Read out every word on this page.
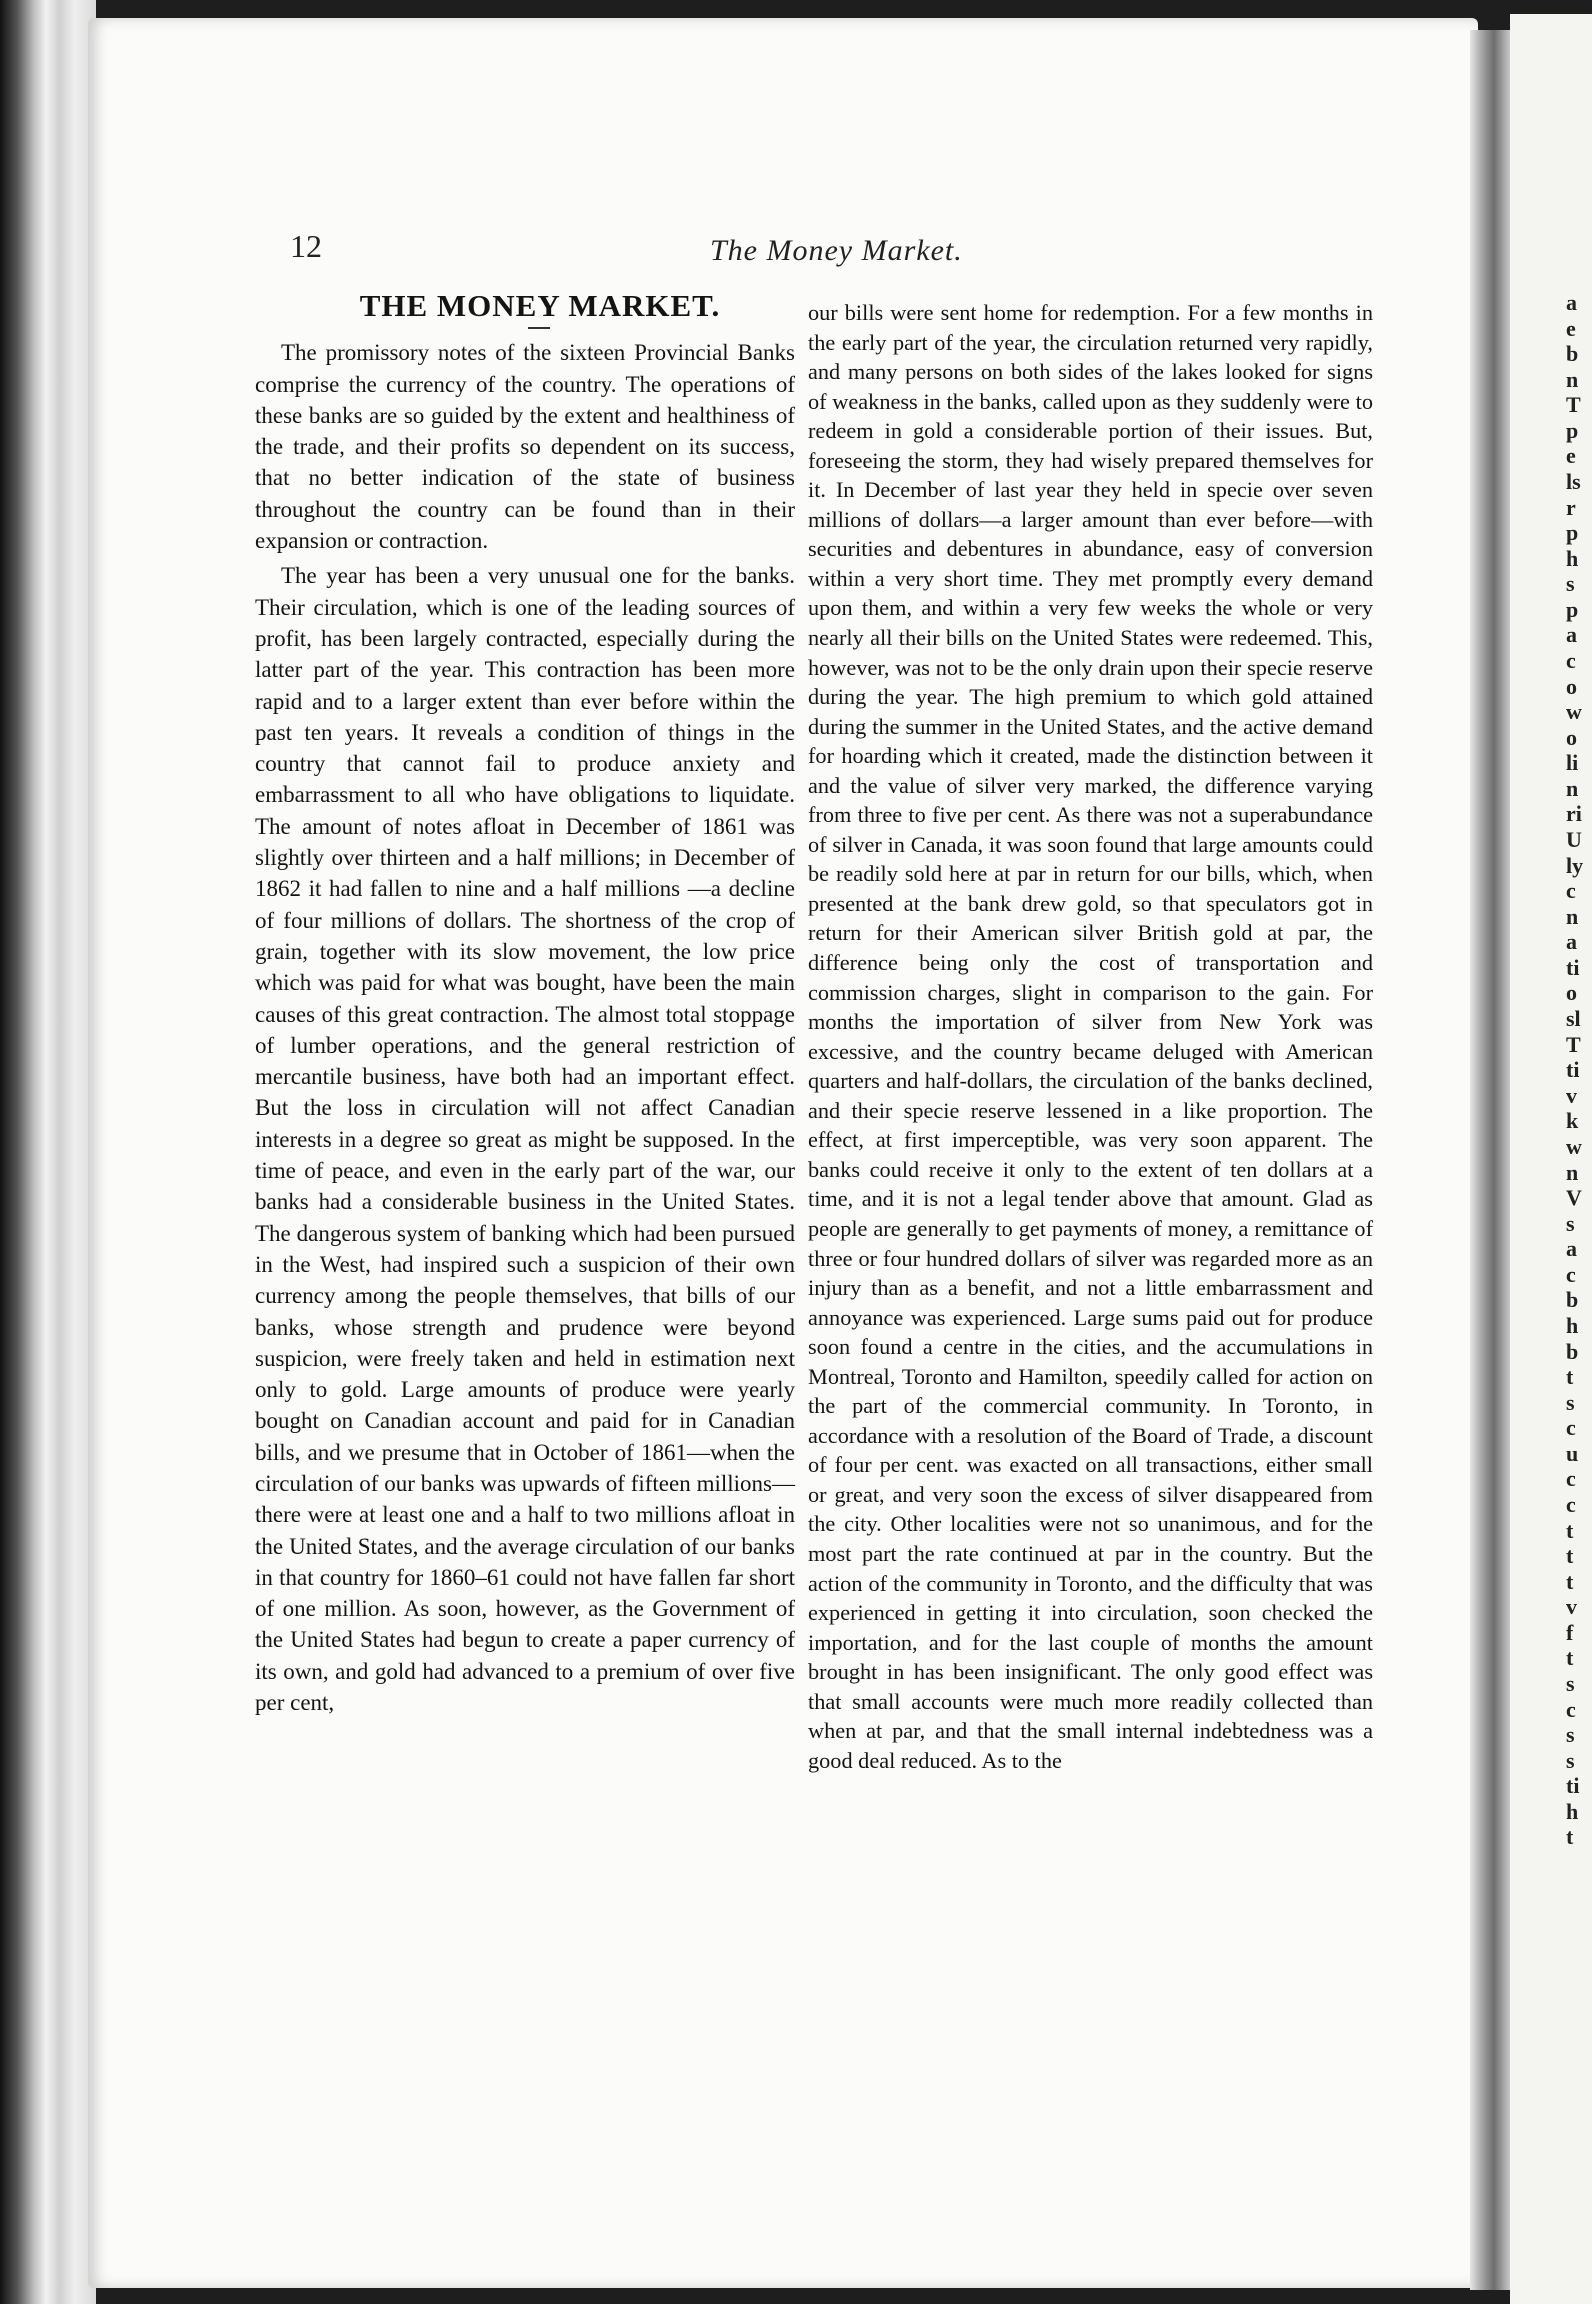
a
e
b
n
T
p
e
ls
r
p
h
s
p
a
c
o
w
o
li
n
ri
U
ly
c
n
a
ti
o
sl
T
ti
v
k
w
n
V
s
a
c
b
h
b
t
s
c
u
c
c
t
t
t
v
f
t
s
c
s
s
ti
h
t
12	The Money Market.
THE MONEY MARKET.

The promissory notes of the sixteen Provincial Banks comprise the currency of the country. The operations of these banks are so guided by the extent and healthiness of the trade, and their profits so dependent on its success, that no better indication of the state of business throughout the country can be found than in their expansion or contraction.

The year has been a very unusual one for the banks. Their circulation, which is one of the leading sources of profit, has been largely contracted, especially during the latter part of the year. This contraction has been more rapid and to a larger extent than ever before within the past ten years. It reveals a condition of things in the country that cannot fail to produce anxiety and embarrassment to all who have obligations to liquidate. The amount of notes afloat in December of 1861 was slightly over thirteen and a half millions; in December of 1862 it had fallen to nine and a half millions —a decline of four millions of dollars. The shortness of the crop of grain, together with its slow movement, the low price which was paid for what was bought, have been the main causes of this great contraction. The almost total stoppage of lumber operations, and the general restriction of mercantile business, have both had an important effect. But the loss in circulation will not affect Canadian interests in a degree so great as might be supposed. In the time of peace, and even in the early part of the war, our banks had a considerable business in the United States. The dangerous system of banking which had been pursued in the West, had inspired such a suspicion of their own currency among the people themselves, that bills of our banks, whose strength and prudence were beyond suspicion, were freely taken and held in estimation next only to gold. Large amounts of produce were yearly bought on Canadian account and paid for in Canadian bills, and we presume that in October of 1861—when the circulation of our banks was upwards of fifteen millions—there were at least one and a half to two millions afloat in the United States, and the average circulation of our banks in that country for 1860–61 could not have fallen far short of one million. As soon, however, as the Government of the United States had begun to create a paper currency of its own, and gold had advanced to a premium of over five per cent,

our bills were sent home for redemption. For a few months in the early part of the year, the circulation returned very rapidly, and many persons on both sides of the lakes looked for signs of weakness in the banks, called upon as they suddenly were to redeem in gold a considerable portion of their issues. But, foreseeing the storm, they had wisely prepared themselves for it. In December of last year they held in specie over seven millions of dollars—a larger amount than ever before—with securities and debentures in abundance, easy of conversion within a very short time. They met promptly every demand upon them, and within a very few weeks the whole or very nearly all their bills on the United States were redeemed. This, however, was not to be the only drain upon their specie reserve during the year. The high premium to which gold attained during the summer in the United States, and the active demand for hoarding which it created, made the distinction between it and the value of silver very marked, the difference varying from three to five per cent. As there was not a superabundance of silver in Canada, it was soon found that large amounts could be readily sold here at par in return for our bills, which, when presented at the bank drew gold, so that speculators got in return for their American silver British gold at par, the difference being only the cost of transportation and commission charges, slight in comparison to the gain. For months the importation of silver from New York was excessive, and the country became deluged with American quarters and half-dollars, the circulation of the banks declined, and their specie reserve lessened in a like proportion. The effect, at first imperceptible, was very soon apparent. The banks could receive it only to the extent of ten dollars at a time, and it is not a legal tender above that amount. Glad as people are generally to get payments of money, a remittance of three or four hundred dollars of silver was regarded more as an injury than as a benefit, and not a little embarrassment and annoyance was experienced. Large sums paid out for produce soon found a centre in the cities, and the accumulations in Montreal, Toronto and Hamilton, speedily called for action on the part of the commercial community. In Toronto, in accordance with a resolution of the Board of Trade, a discount of four per cent. was exacted on all transactions, either small or great, and very soon the excess of silver disappeared from the city. Other localities were not so unanimous, and for the most part the rate continued at par in the country. But the action of the community in Toronto, and the difficulty that was experienced in getting it into circulation, soon checked the importation, and for the last couple of months the amount brought in has been insignificant. The only good effect was that small accounts were much more readily collected than when at par, and that the small internal indebtedness was a good deal reduced. As to the
